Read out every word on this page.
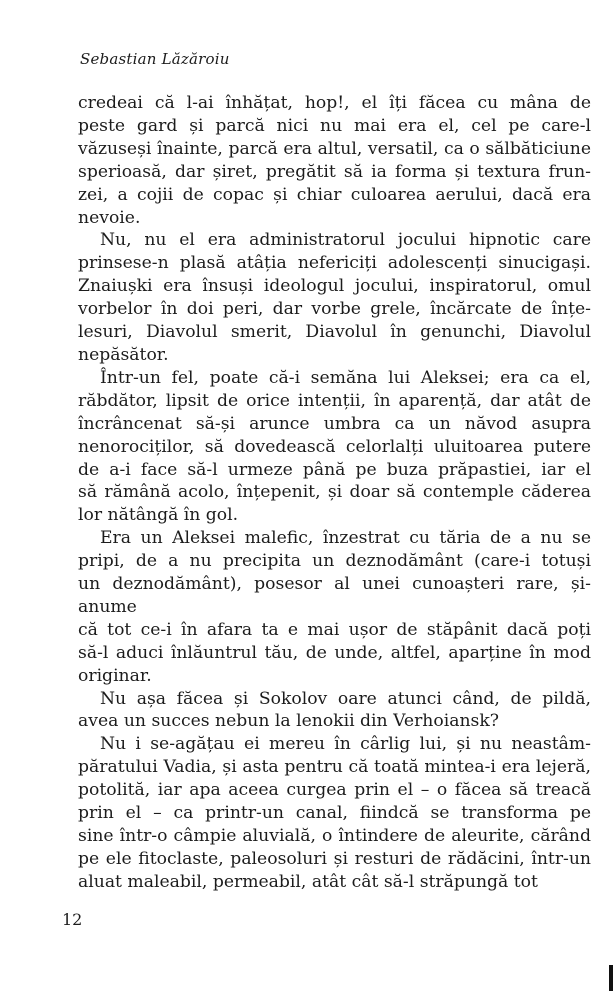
Sebastian Lăzăroiu

credeai că l-ai înhățat, hop!, el îți făcea cu mâna de

peste gard și parcă nici nu mai era el, cel pe care-l

văzuseși înainte, parcă era altul, versatil, ca o sălbăticiune

sperioasă, dar șiret, pregătit să ia forma și textura frun-

zei, a cojii de copac și chiar culoarea aerului, dacă era

nevoie.

Nu, nu el era administratorul jocului hipnotic care

prinsese-n plasă atâția nefericiți adolescenți sinucigași.

Znaiușki era însuși ideologul jocului, inspiratorul, omul

vorbelor în doi peri, dar vorbe grele, încărcate de înțe-

lesuri, Diavolul smerit, Diavolul în genunchi, Diavolul

nepăsător.

Într-un fel, poate că-i semăna lui Aleksei; era ca el,

răbdător, lipsit de orice intenții, în aparență, dar atât de

încrâncenat să-și arunce umbra ca un năvod asupra

nenorociților, să dovedească celorlalți uluitoarea putere

de a-i face să-l urmeze până pe buza prăpastiei, iar el

să rămână acolo, înțepenit, și doar să contemple căderea

lor nătângă în gol.

Era un Aleksei malefic, înzestrat cu tăria de a nu se

pripi, de a nu precipita un deznodământ (care-i totuși

un deznodământ), posesor al unei cunoașteri rare, și-anume

că tot ce-i în afara ta e mai ușor de stăpânit dacă poți

să-l aduci înlăuntrul tău, de unde, altfel, aparține în mod

originar.

Nu așa făcea și Sokolov oare atunci când, de pildă,

avea un succes nebun la lenokii din Verhoiansk?

Nu i se-agățau ei mereu în cârlig lui, și nu neastâm-

păratului Vadia, și asta pentru că toată mintea-i era lejeră,

potolită, iar apa aceea curgea prin el – o făcea să treacă

prin el – ca printr-un canal, fiindcă se transforma pe

sine într-o câmpie aluvială, o întindere de aleurite, cărând

pe ele fitoclaste, paleosoluri și resturi de rădăcini, într-un

aluat maleabil, permeabil, atât cât să-l străpungă tot

12
